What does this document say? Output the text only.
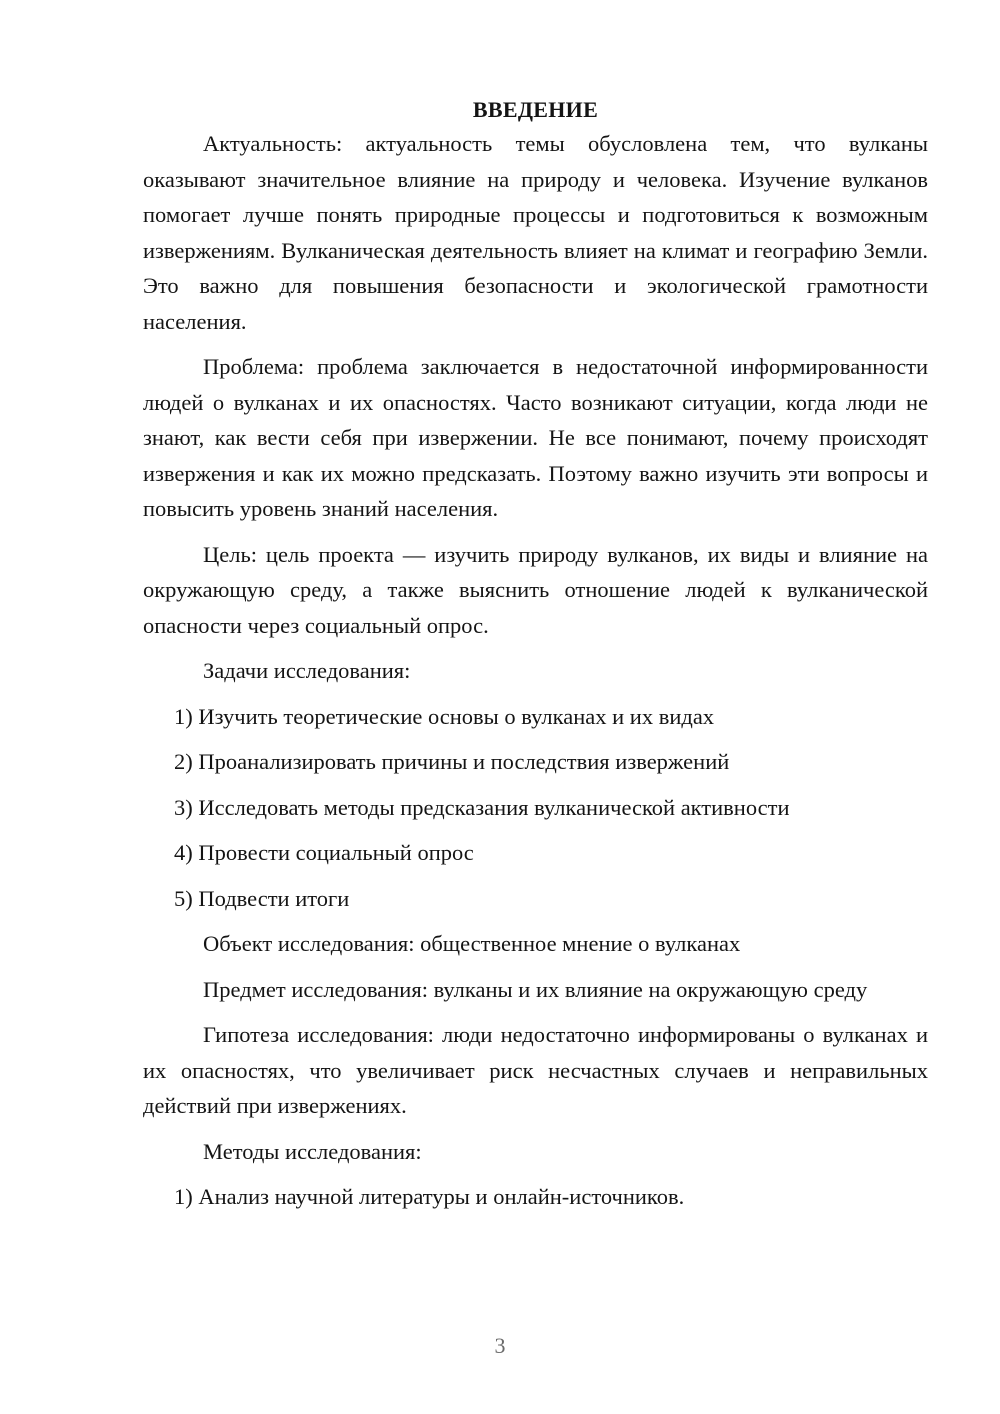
ВВЕДЕНИЕ

Актуальность: актуальность темы обусловлена тем, что вулканы оказывают значительное влияние на природу и человека. Изучение вулканов помогает лучше понять природные процессы и подготовиться к возможным извержениям. Вулканическая деятельность влияет на климат и географию Земли. Это важно для повышения безопасности и экологической грамотности населения.

Проблема: проблема заключается в недостаточной информированности людей о вулканах и их опасностях. Часто возникают ситуации, когда люди не знают, как вести себя при извержении. Не все понимают, почему происходят извержения и как их можно предсказать. Поэтому важно изучить эти вопросы и повысить уровень знаний населения.

Цель: цель проекта — изучить природу вулканов, их виды и влияние на окружающую среду, а также выяснить отношение людей к вулканической опасности через социальный опрос.

Задачи исследования:

1) Изучить теоретические основы о вулканах и их видах

2) Проанализировать причины и последствия извержений

3) Исследовать методы предсказания вулканической активности

4) Провести социальный опрос

5) Подвести итоги

Объект исследования: общественное мнение о вулканах

Предмет исследования: вулканы и их влияние на окружающую среду

Гипотеза исследования: люди недостаточно информированы о вулканах и их опасностях, что увеличивает риск несчастных случаев и неправильных действий при извержениях.

Методы исследования:

1) Анализ научной литературы и онлайн-источников.

3
